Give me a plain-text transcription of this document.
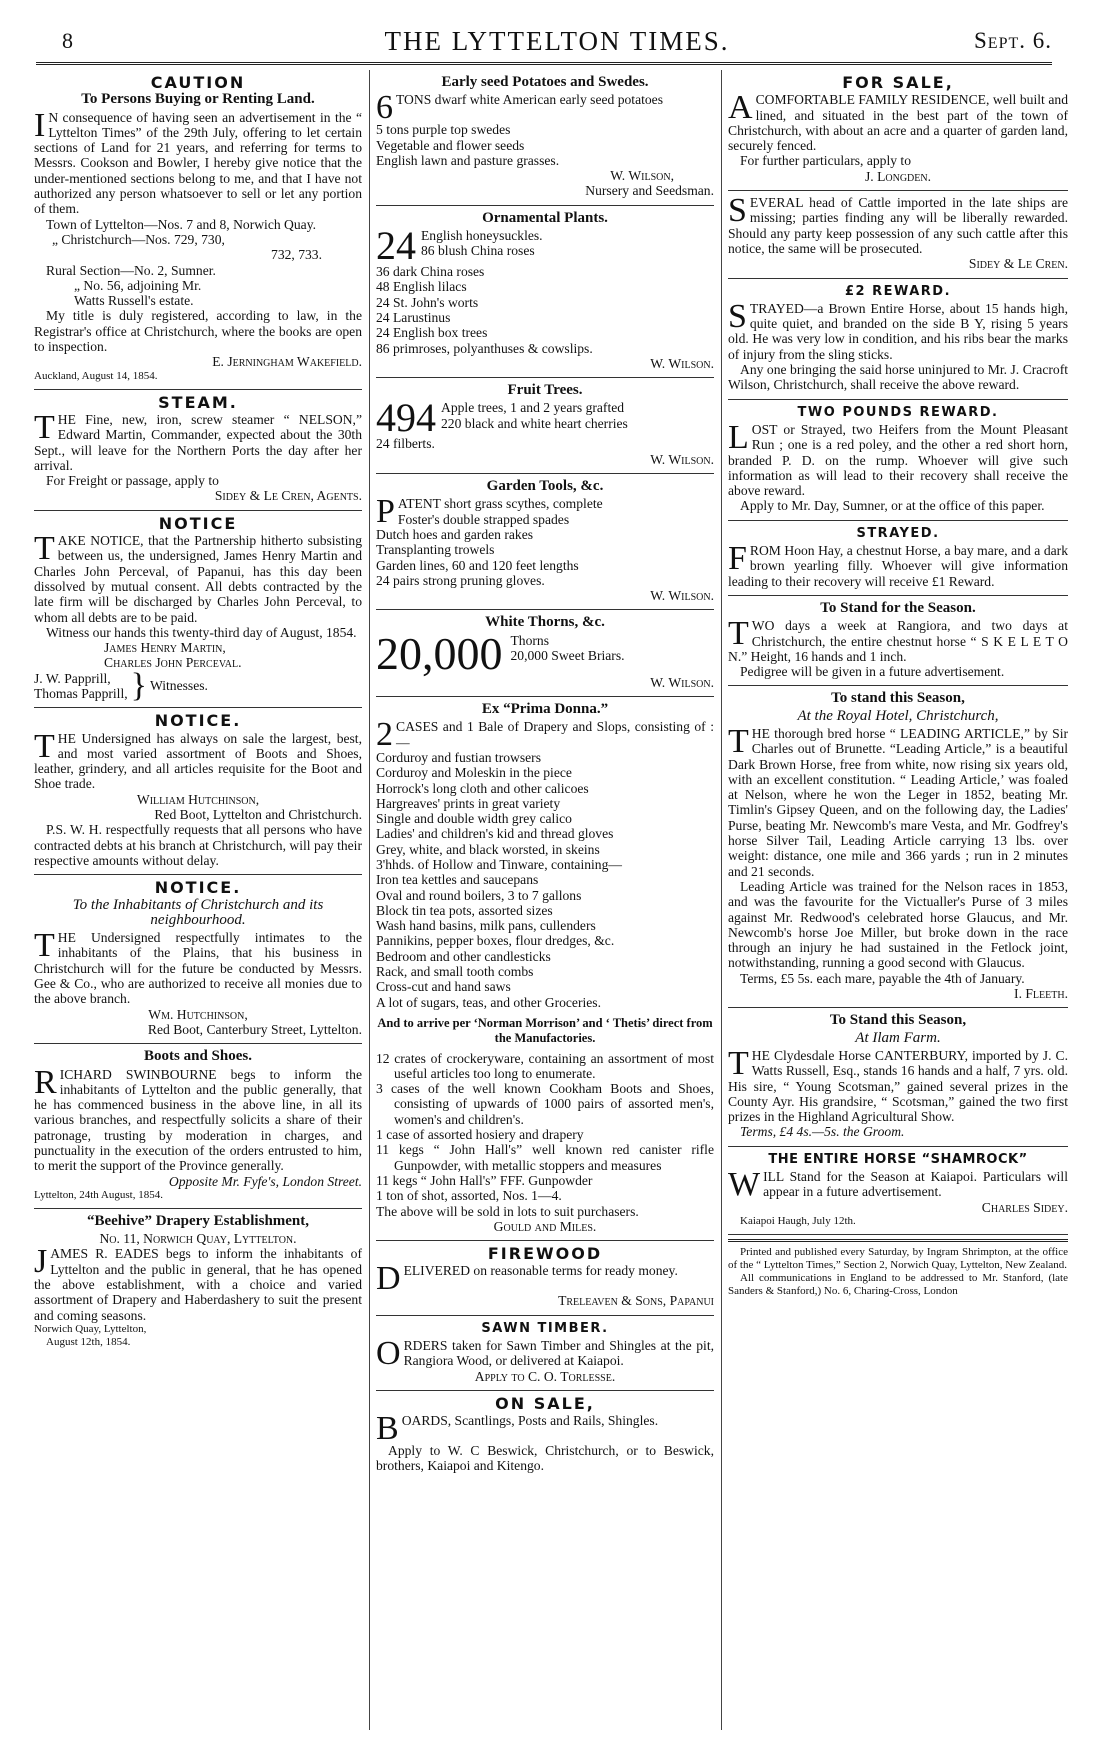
8	THE LYTTELTON TIMES.	Sept. 6.
CAUTION
To Persons Buying or Renting Land.

I N consequence of having seen an advertisement in the “ Lyttelton Times” of the 29th July, offering to let certain sections of Land for 21 years, and referring for terms to Messrs. Cookson and Bowler, I hereby give notice that the under-mentioned sections belong to me, and that I have not authorized any person whatsoever to sell or let any portion of them.

Town of Lyttelton—Nos. 7 and 8, Norwich Quay.

„ Christchurch—Nos. 729, 730,

732, 733.

Rural Section—No. 2, Sumner.

„ No. 56, adjoining Mr.

Watts Russell's estate.

My title is duly registered, according to law, in the Registrar's office at Christchurch, where the books are open to inspection.

E. Jerningham Wakefield.

Auckland, August 14, 1854.

STEAM.

THE Fine, new, iron, screw steamer “ NELSON,” Edward Martin, Commander, expected about the 30th Sept., will leave for the Northern Ports the day after her arrival.

For Freight or passage, apply to

Sidey & Le Cren, Agents.

NOTICE

TAKE NOTICE, that the Partnership hitherto subsisting between us, the undersigned, James Henry Martin and Charles John Perceval, of Papanui, has this day been dissolved by mutual consent. All debts contracted by the late firm will be discharged by Charles John Perceval, to whom all debts are to be paid.

Witness our hands this twenty-third day of August, 1854.

James Henry Martin,

Charles John Perceval.

J. W. Papprill,
Thomas Papprill, } Witnesses.
NOTICE.

THE Undersigned has always on sale the largest, best, and most varied assortment of Boots and Shoes, leather, grindery, and all articles requisite for the Boot and Shoe trade.

William Hutchinson,

Red Boot, Lyttelton and Christchurch.

P.S. W. H. respectfully requests that all persons who have contracted debts at his branch at Christchurch, will pay their respective amounts without delay.

NOTICE.
To the Inhabitants of Christchurch and its neighbourhood.

THE Undersigned respectfully intimates to the inhabitants of the Plains, that his business in Christchurch will for the future be conducted by Messrs. Gee & Co., who are authorized to receive all monies due to the above branch.

Wm. Hutchinson,

Red Boot, Canterbury Street, Lyttelton.

Boots and Shoes.

RICHARD SWINBOURNE begs to inform the inhabitants of Lyttelton and the public generally, that he has commenced business in the above line, in all its various branches, and respectfully solicits a share of their patronage, trusting by moderation in charges, and punctuality in the execution of the orders entrusted to him, to merit the support of the Province generally.

Opposite Mr. Fyfe's, London Street.

Lyttelton, 24th August, 1854.

“Beehive” Drapery Establishment,
No. 11, Norwich Quay, Lyttelton.

JAMES R. EADES begs to inform the inhabitants of Lyttelton and the public in general, that he has opened the above establishment, with a choice and varied assortment of Drapery and Haberdashery to suit the present and coming seasons.

Norwich Quay, Lyttelton,

August 12th, 1854.

Early seed Potatoes and Swedes.

6 TONS dwarf white American early seed potatoes

5 tons purple top swedes
Vegetable and flower seeds
English lawn and pasture grasses.

W. Wilson,

Nursery and Seedsman.

Ornamental Plants.

24 English honeysuckles.
86 blush China roses

36 dark China roses
48 English lilacs
24 St. John's worts
24 Larustinus
24 English box trees
86 primroses, polyanthuses & cowslips.

W. Wilson.

Fruit Trees.

494 Apple trees, 1 and 2 years grafted
220 black and white heart cherries

24 filberts.

W. Wilson.

Garden Tools, &c.

PATENT short grass scythes, complete

Foster's double strapped spades
Dutch hoes and garden rakes
Transplanting trowels
Garden lines, 60 and 120 feet lengths
24 pairs strong pruning gloves.

W. Wilson.

White Thorns, &c.

20,000 Thorns
20,000 Sweet Briars.

W. Wilson.

Ex “Prima Donna.”

2 CASES and 1 Bale of Drapery and Slops, consisting of :—

Corduroy and fustian trowsers
Corduroy and Moleskin in the piece
Horrock's long cloth and other calicoes
Hargreaves' prints in great variety
Single and double width grey calico
Ladies' and children's kid and thread gloves
Grey, white, and black worsted, in skeins

3'hhds. of Hollow and Tinware, containing—

Iron tea kettles and saucepans
Oval and round boilers, 3 to 7 gallons
Block tin tea pots, assorted sizes
Wash hand basins, milk pans, cullenders
Pannikins, pepper boxes, flour dredges, &c.
Bedroom and other candlesticks
Rack, and small tooth combs
Cross-cut and hand saws
A lot of sugars, teas, and other Groceries.

And to arrive per ‘Norman Morrison’ and ‘ Thetis’ direct from the Manufactories.

12 crates of crockeryware, containing an assortment of most useful articles too long to enumerate.

3 cases of the well known Cookham Boots and Shoes, consisting of upwards of 1000 pairs of assorted men's, women's and children's.

1 case of assorted hosiery and drapery

11 kegs “ John Hall's” well known red canister rifle Gunpowder, with metallic stoppers and measures

11 kegs “ John Hall's” FFF. Gunpowder

1 ton of shot, assorted, Nos. 1—4.

The above will be sold in lots to suit purchasers.

Gould and Miles.

FIREWOOD

DELIVERED on reasonable terms for ready money.

Treleaven & Sons, Papanui

SAWN TIMBER.

ORDERS taken for Sawn Timber and Shingles at the pit, Rangiora Wood, or delivered at Kaiapoi.

Apply to C. O. Torlesse.

ON SALE,

BOARDS, Scantlings, Posts and Rails, Shingles.

Apply to W. C Beswick, Christchurch, or to Beswick, brothers, Kaiapoi and Kitengo.

FOR SALE,

ACOMFORTABLE FAMILY RESIDENCE, well built and lined, and situated in the best part of the town of Christchurch, with about an acre and a quarter of garden land, securely fenced.

For further particulars, apply to

J. Longden.

SEVERAL head of Cattle imported in the late ships are missing; parties finding any will be liberally rewarded. Should any party keep possession of any such cattle after this notice, the same will be prosecuted.

Sidey & Le Cren.

£2 REWARD.

STRAYED—a Brown Entire Horse, about 15 hands high, quite quiet, and branded on the side B Y, rising 5 years old. He was very low in condition, and his ribs bear the marks of injury from the sling sticks.

Any one bringing the said horse uninjured to Mr. J. Cracroft Wilson, Christchurch, shall receive the above reward.

TWO POUNDS REWARD.

LOST or Strayed, two Heifers from the Mount Pleasant Run ; one is a red poley, and the other a red short horn, branded P. D. on the rump. Whoever will give such information as will lead to their recovery shall receive the above reward.

Apply to Mr. Day, Sumner, or at the office of this paper.

STRAYED.

FROM Hoon Hay, a chestnut Horse, a bay mare, and a dark brown yearling filly. Whoever will give information leading to their recovery will receive £1 Reward.

To Stand for the Season.

TWO days a week at Rangiora, and two days at Christchurch, the entire chestnut horse “ S K E L E T O N.” Height, 16 hands and 1 inch.

Pedigree will be given in a future advertisement.

To stand this Season,
At the Royal Hotel, Christchurch,

THE thorough bred horse “ LEADING ARTICLE,” by Sir Charles out of Brunette. “Leading Article,” is a beautiful Dark Brown Horse, free from white, now rising six years old, with an excellent constitution. “ Leading Article,’ was foaled at Nelson, where he won the Leger in 1852, beating Mr. Timlin's Gipsey Queen, and on the following day, the Ladies' Purse, beating Mr. Newcomb's mare Vesta, and Mr. Godfrey's horse Silver Tail, Leading Article carrying 13 lbs. over weight: distance, one mile and 366 yards ; run in 2 minutes and 21 seconds.

Leading Article was trained for the Nelson races in 1853, and was the favourite for the Victualler's Purse of 3 miles against Mr. Redwood's celebrated horse Glaucus, and Mr. Newcomb's horse Joe Miller, but broke down in the race through an injury he had sustained in the Fetlock joint, notwithstanding, running a good second with Glaucus.

Terms, £5 5s. each mare, payable the 4th of January.

I. Fleeth.

To Stand this Season,
At Ilam Farm.

THE Clydesdale Horse CANTERBURY, imported by J. C. Watts Russell, Esq., stands 16 hands and a half, 7 yrs. old. His sire, “ Young Scotsman,” gained several prizes in the County Ayr. His grandsire, “ Scotsman,” gained the two first prizes in the Highland Agricultural Show.

Terms, £4 4s.—5s. the Groom.

THE ENTIRE HORSE “SHAMROCK”

WILL Stand for the Season at Kaiapoi. Particulars will appear in a future advertisement.

Charles Sidey.

Kaiapoi Haugh, July 12th.

Printed and published every Saturday, by Ingram Shrimpton, at the office of the “ Lyttelton Times,” Section 2, Norwich Quay, Lyttelton, New Zealand.

All communications in England to be addressed to Mr. Stanford, (late Sanders & Stanford,) No. 6, Charing-Cross, London
